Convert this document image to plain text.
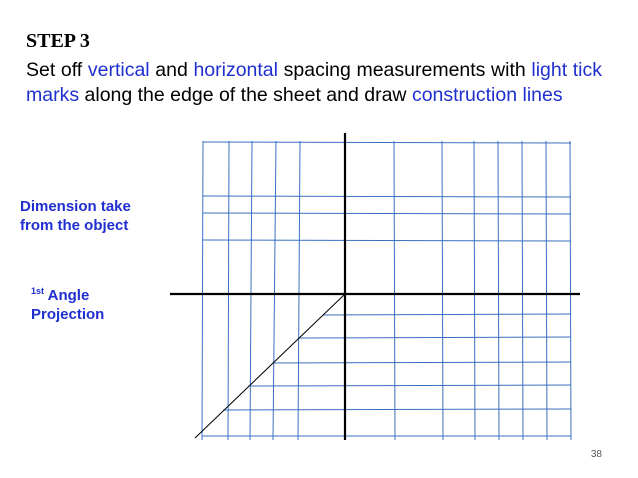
STEP 3

Set off vertical and horizontal spacing measurements with light tick marks along the edge of the sheet and draw construction lines

Dimension take
from the object

$^{1st}$ Angle
Projection

38
